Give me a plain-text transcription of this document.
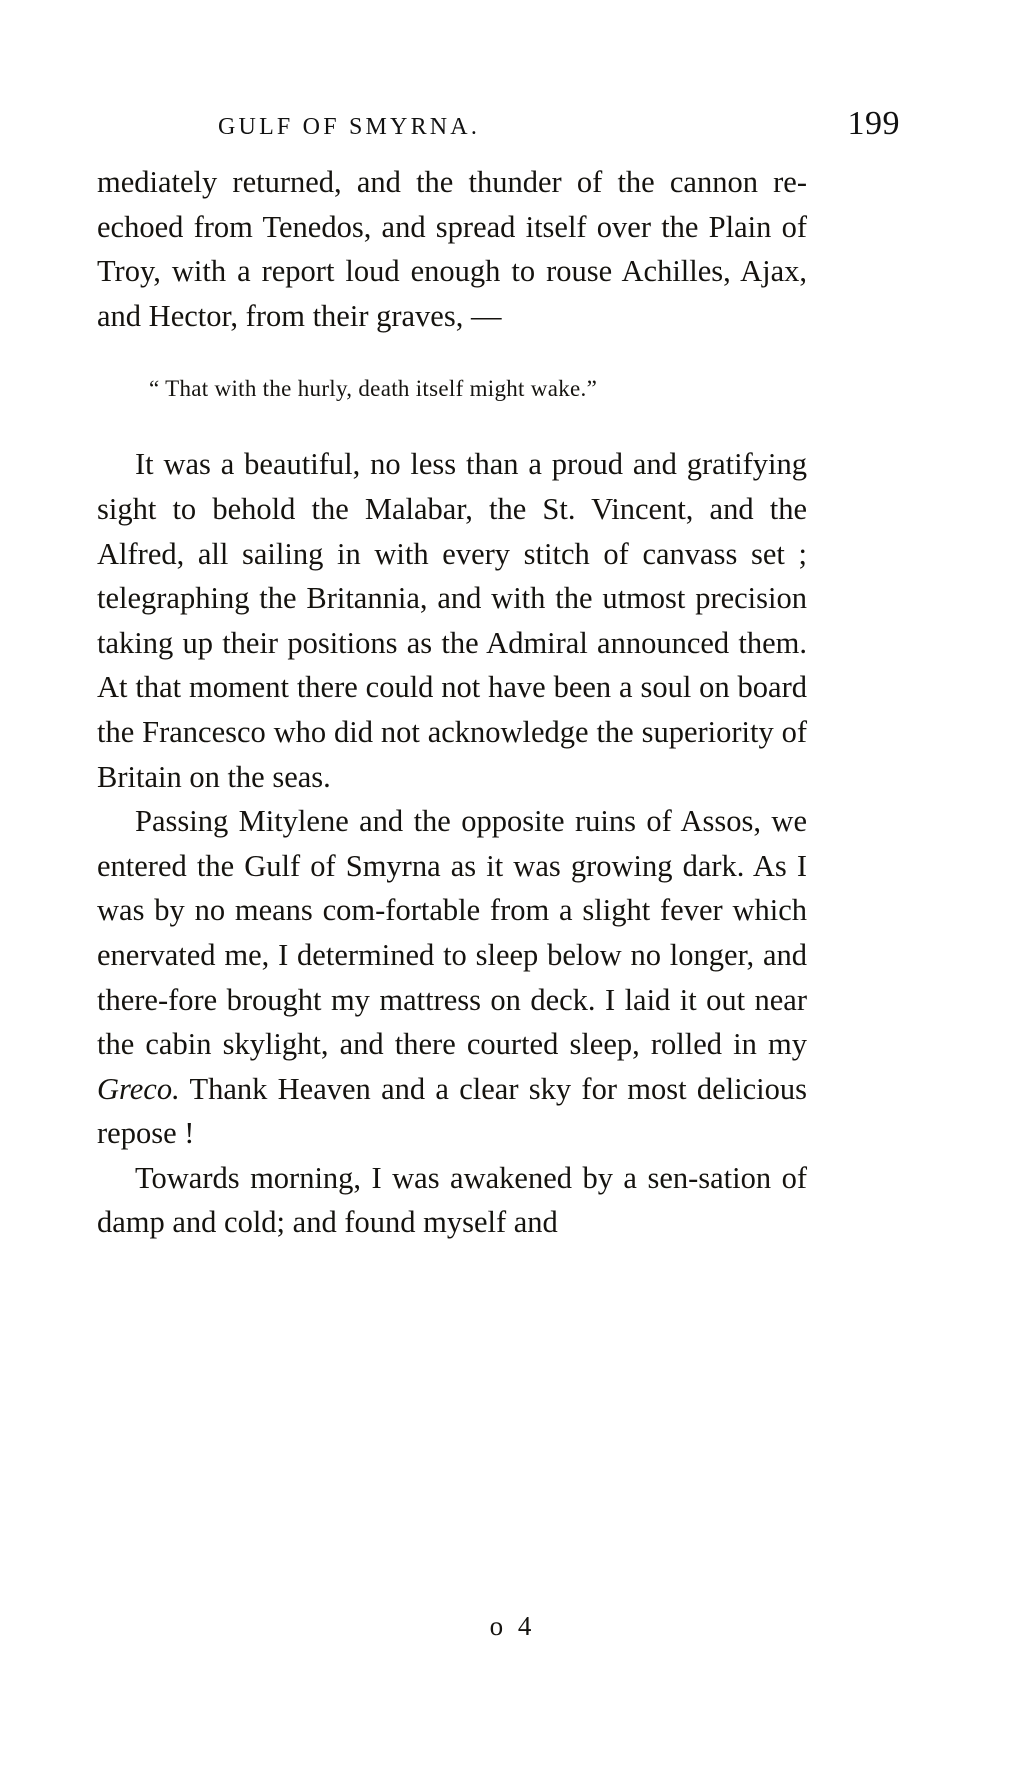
GULF OF SMYRNA.	199

mediately returned, and the thunder of the cannon re-echoed from Tenedos, and spread itself over the Plain of Troy, with a report loud enough to rouse Achilles, Ajax, and Hector, from their graves, —

“ That with the hurly, death itself might wake.”

It was a beautiful, no less than a proud and gratifying sight to behold the Malabar, the St. Vincent, and the Alfred, all sailing in with every stitch of canvass set ; telegraphing the Britannia, and with the utmost precision taking up their positions as the Admiral announced them. At that moment there could not have been a soul on board the Francesco who did not acknowledge the superiority of Britain on the seas.

Passing Mitylene and the opposite ruins of Assos, we entered the Gulf of Smyrna as it was growing dark. As I was by no means com-fortable from a slight fever which enervated me, I determined to sleep below no longer, and there-fore brought my mattress on deck. I laid it out near the cabin skylight, and there courted sleep, rolled in my Greco. Thank Heaven and a clear sky for most delicious repose !

Towards morning, I was awakened by a sen-sation of damp and cold; and found myself and

o 4
